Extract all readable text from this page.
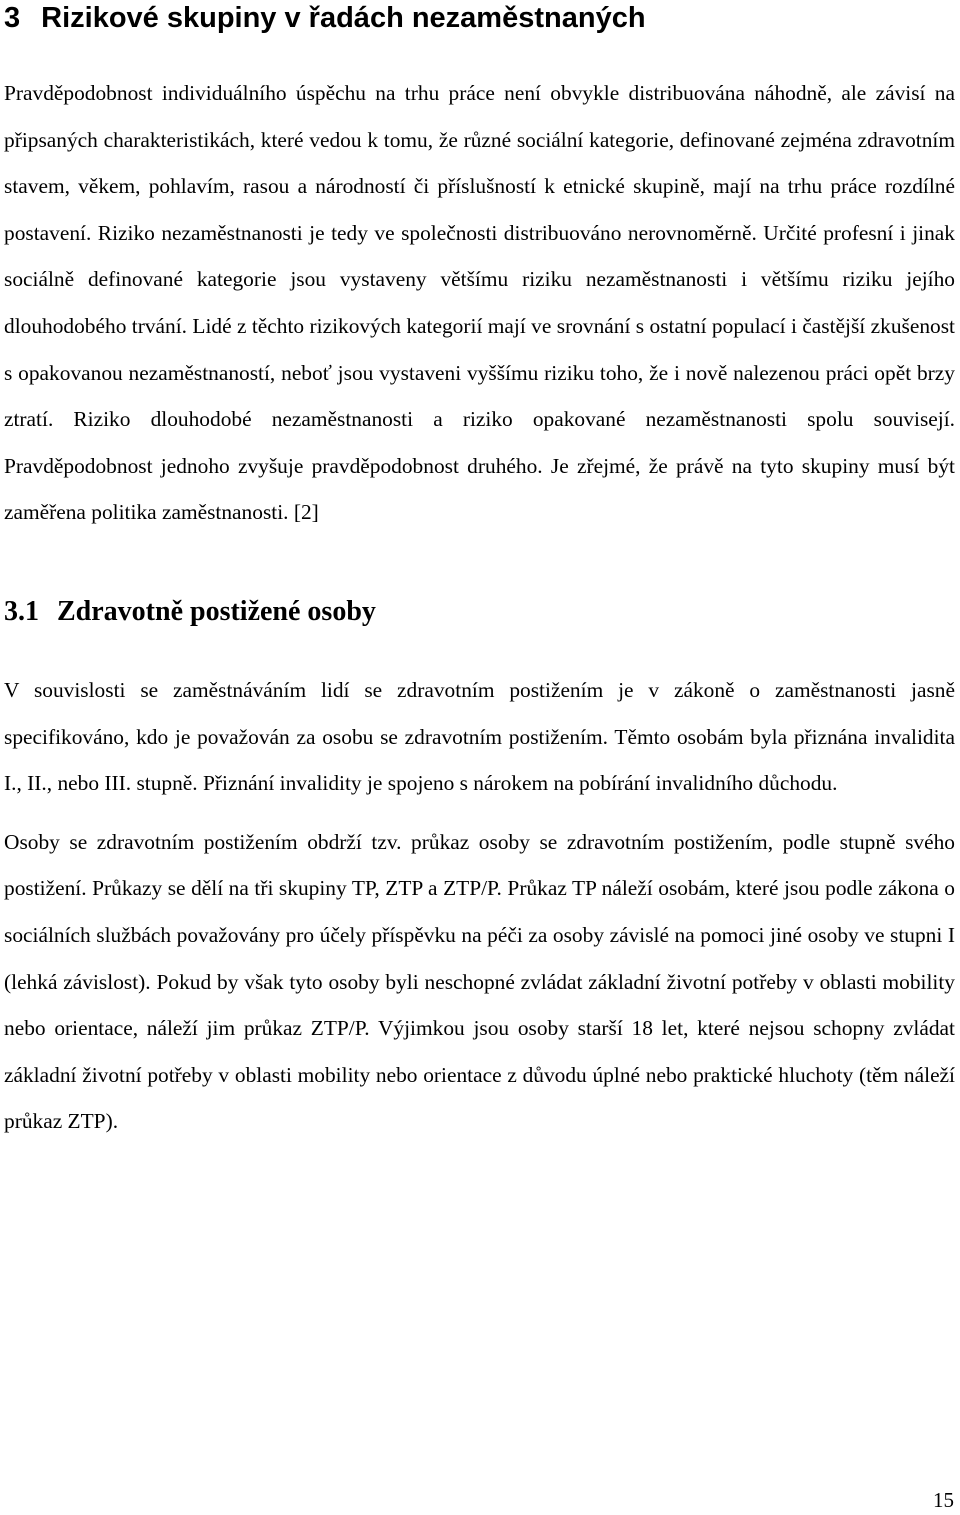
3 Rizikové skupiny v řadách nezaměstnaných

Pravděpodobnost individuálního úspěchu na trhu práce není obvykle distribuována náhodně, ale závisí na připsaných charakteristikách, které vedou k tomu, že různé sociální kategorie, definované zejména zdravotním stavem, věkem, pohlavím, rasou a národností či příslušností k etnické skupině, mají na trhu práce rozdílné postavení. Riziko nezaměstnanosti je tedy ve společnosti distribuováno nerovnoměrně. Určité profesní i jinak sociálně definované kategorie jsou vystaveny většímu riziku nezaměstnanosti i většímu riziku jejího dlouhodobého trvání. Lidé z těchto rizikových kategorií mají ve srovnání s ostatní populací i častější zkušenost s opakovanou nezaměstnaností, neboť jsou vystaveni vyššímu riziku toho, že i nově nalezenou práci opět brzy ztratí. Riziko dlouhodobé nezaměstnanosti a riziko opakované nezaměstnanosti spolu souvisejí. Pravděpodobnost jednoho zvyšuje pravděpodobnost druhého. Je zřejmé, že právě na tyto skupiny musí být zaměřena politika zaměstnanosti. [2]

3.1 Zdravotně postižené osoby

V souvislosti se zaměstnáváním lidí se zdravotním postižením je v zákoně o zaměstnanosti jasně specifikováno, kdo je považován za osobu se zdravotním postižením. Těmto osobám byla přiznána invalidita I., II., nebo III. stupně. Přiznání invalidity je spojeno s nárokem na pobírání invalidního důchodu.

Osoby se zdravotním postižením obdrží tzv. průkaz osoby se zdravotním postižením, podle stupně svého postižení. Průkazy se dělí na tři skupiny TP, ZTP a ZTP/P. Průkaz TP náleží osobám, které jsou podle zákona o sociálních službách považovány pro účely příspěvku na péči za osoby závislé na pomoci jiné osoby ve stupni I (lehká závislost). Pokud by však tyto osoby byli neschopné zvládat základní životní potřeby v oblasti mobility nebo orientace, náleží jim průkaz ZTP/P. Výjimkou jsou osoby starší 18 let, které nejsou schopny zvládat základní životní potřeby v oblasti mobility nebo orientace z důvodu úplné nebo praktické hluchoty (těm náleží průkaz ZTP).

15
